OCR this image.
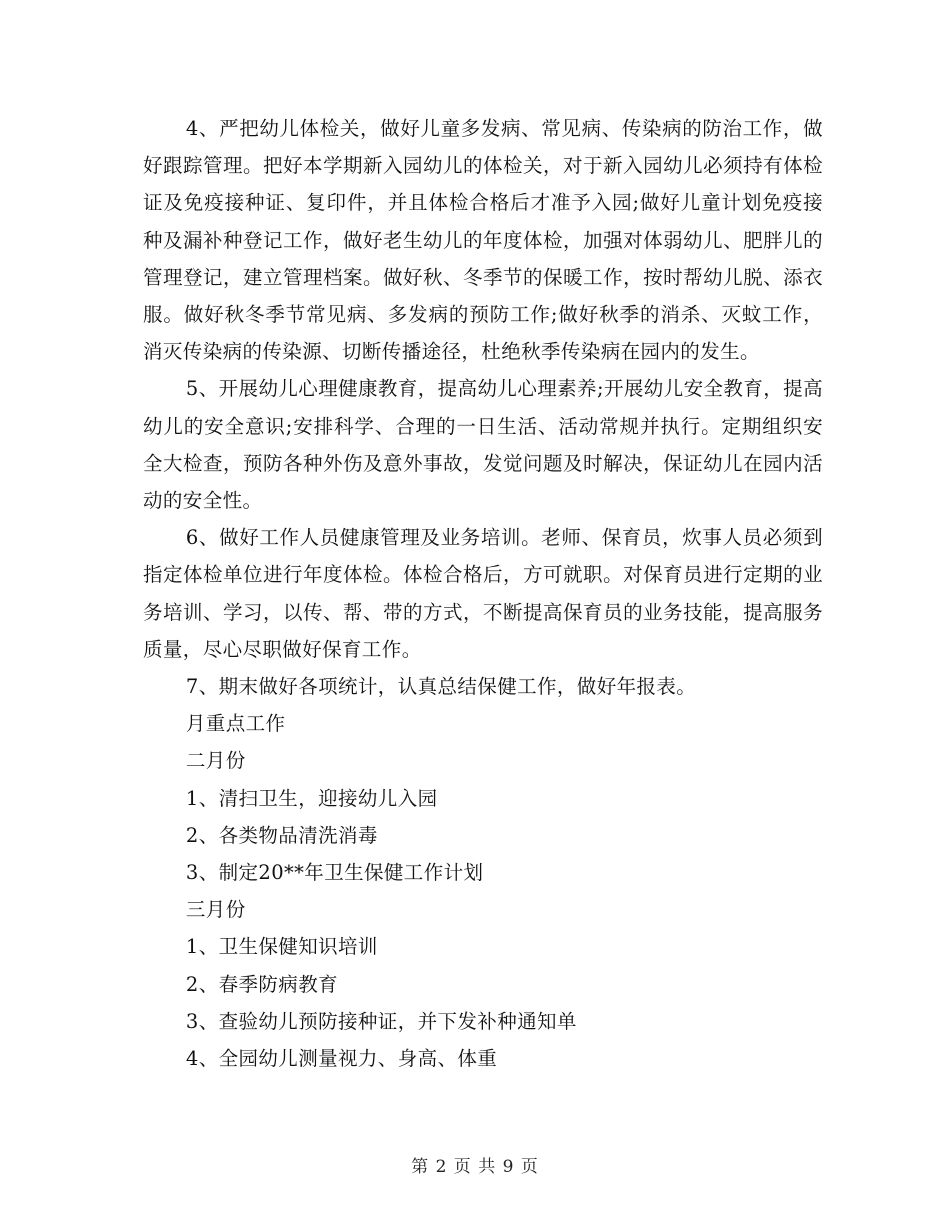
4、严把幼儿体检关，做好儿童多发病、常见病、传染病的防治工作，做好跟踪管理。把好本学期新入园幼儿的体检关，对于新入园幼儿必须持有体检证及免疫接种证、复印件，并且体检合格后才准予入园;做好儿童计划免疫接种及漏补种登记工作，做好老生幼儿的年度体检，加强对体弱幼儿、肥胖儿的管理登记，建立管理档案。做好秋、冬季节的保暖工作，按时帮幼儿脱、添衣服。做好秋冬季节常见病、多发病的预防工作;做好秋季的消杀、灭蚊工作，消灭传染病的传染源、切断传播途径，杜绝秋季传染病在园内的发生。

5、开展幼儿心理健康教育，提高幼儿心理素养;开展幼儿安全教育，提高幼儿的安全意识;安排科学、合理的一日生活、活动常规并执行。定期组织安全大检查，预防各种外伤及意外事故，发觉问题及时解决，保证幼儿在园内活动的安全性。

6、做好工作人员健康管理及业务培训。老师、保育员，炊事人员必须到指定体检单位进行年度体检。体检合格后，方可就职。对保育员进行定期的业务培训、学习，以传、帮、带的方式，不断提高保育员的业务技能，提高服务质量，尽心尽职做好保育工作。

7、期末做好各项统计，认真总结保健工作，做好年报表。

月重点工作

二月份

1、清扫卫生，迎接幼儿入园

2、各类物品清洗消毒

3、制定20**年卫生保健工作计划

三月份

1、卫生保健知识培训

2、春季防病教育

3、查验幼儿预防接种证，并下发补种通知单

4、全园幼儿测量视力、身高、体重

第 2 页 共 9 页
